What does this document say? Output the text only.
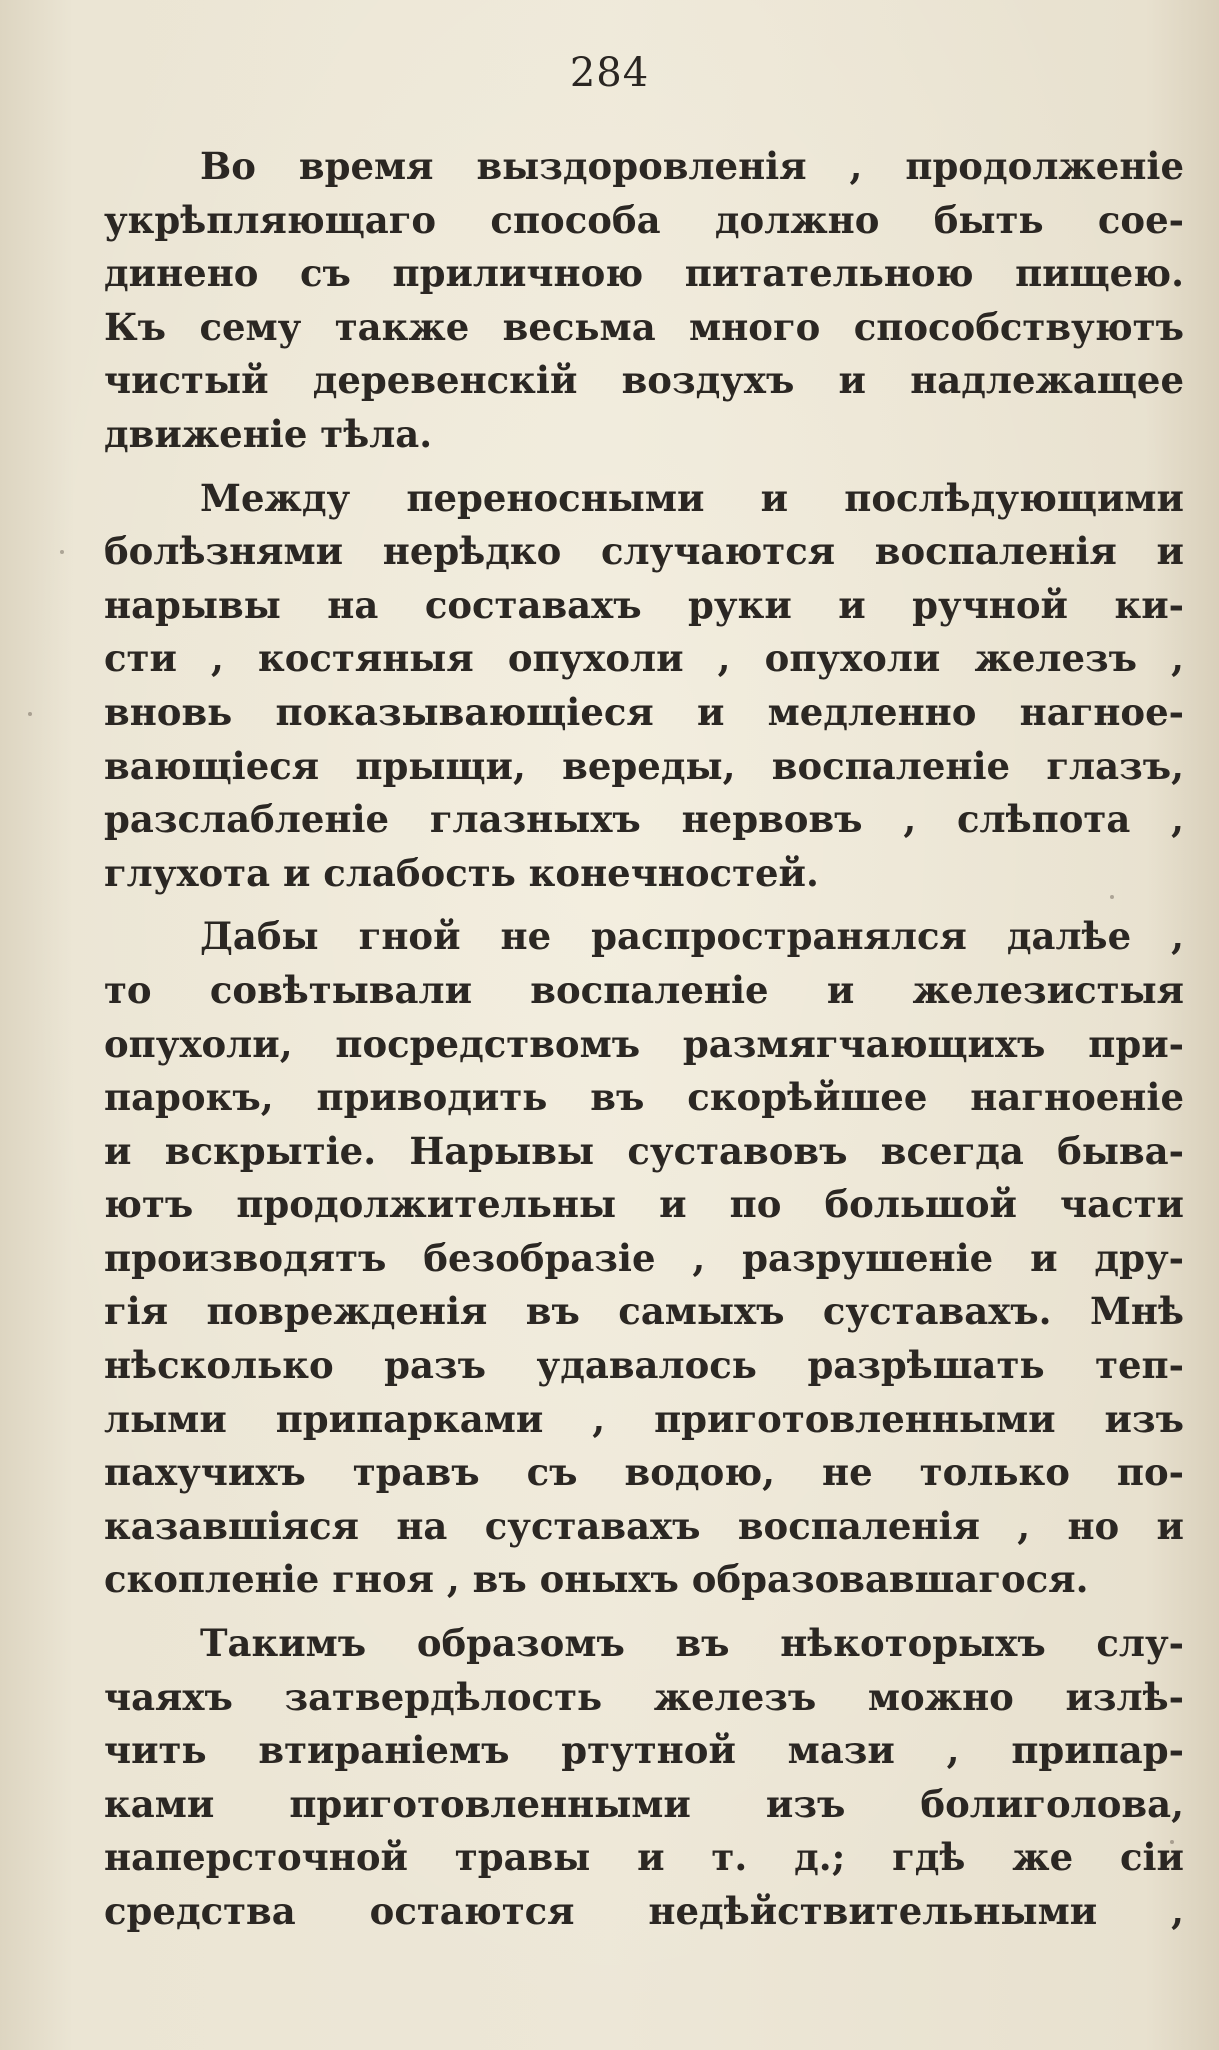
284
Во время выздоровленія , продолженіе
укрѣпляющаго способа должно быть сое-
динено съ приличною питательною пищею.
Къ сему также весьма много способствуютъ
чистый деревенскій воздухъ и надлежащее
движеніе тѣла.
Между переносными и послѣдующими
болѣзнями нерѣдко случаются воспаленія и
нарывы на составахъ руки и ручной ки-
сти , костяныя опухоли , опухоли железъ ,
вновь показывающіеся и медленно нагное-
вающіеся прыщи, вереды, воспаленіе глазъ,
разслабленіе глазныхъ нервовъ , слѣпота ,
глухота и слабость конечностей.
Дабы гной не распространялся далѣе ,
то совѣтывали воспаленіе и железистыя
опухоли, посредствомъ размягчающихъ при-
парокъ, приводить въ скорѣйшее нагноеніе
и вскрытіе. Нарывы суставовъ всегда быва-
ютъ продолжительны и по большой части
производятъ безобразіе , разрушеніе и дру-
гія поврежденія въ самыхъ суставахъ. Мнѣ
нѣсколько разъ удавалось разрѣшать теп-
лыми припарками , приготовленными изъ
пахучихъ травъ съ водою, не только по-
казавшіяся на суставахъ воспаленія , но и
скопленіе гноя , въ оныхъ образовавшагося.
Такимъ образомъ въ нѣкоторыхъ слу-
чаяхъ затвердѣлость железъ можно излѣ-
чить втираніемъ ртутной мази , припар-
ками приготовленными изъ болиголова,
наперсточной травы и т. д.; гдѣ же сіи
средства остаются недѣйствительными ,
